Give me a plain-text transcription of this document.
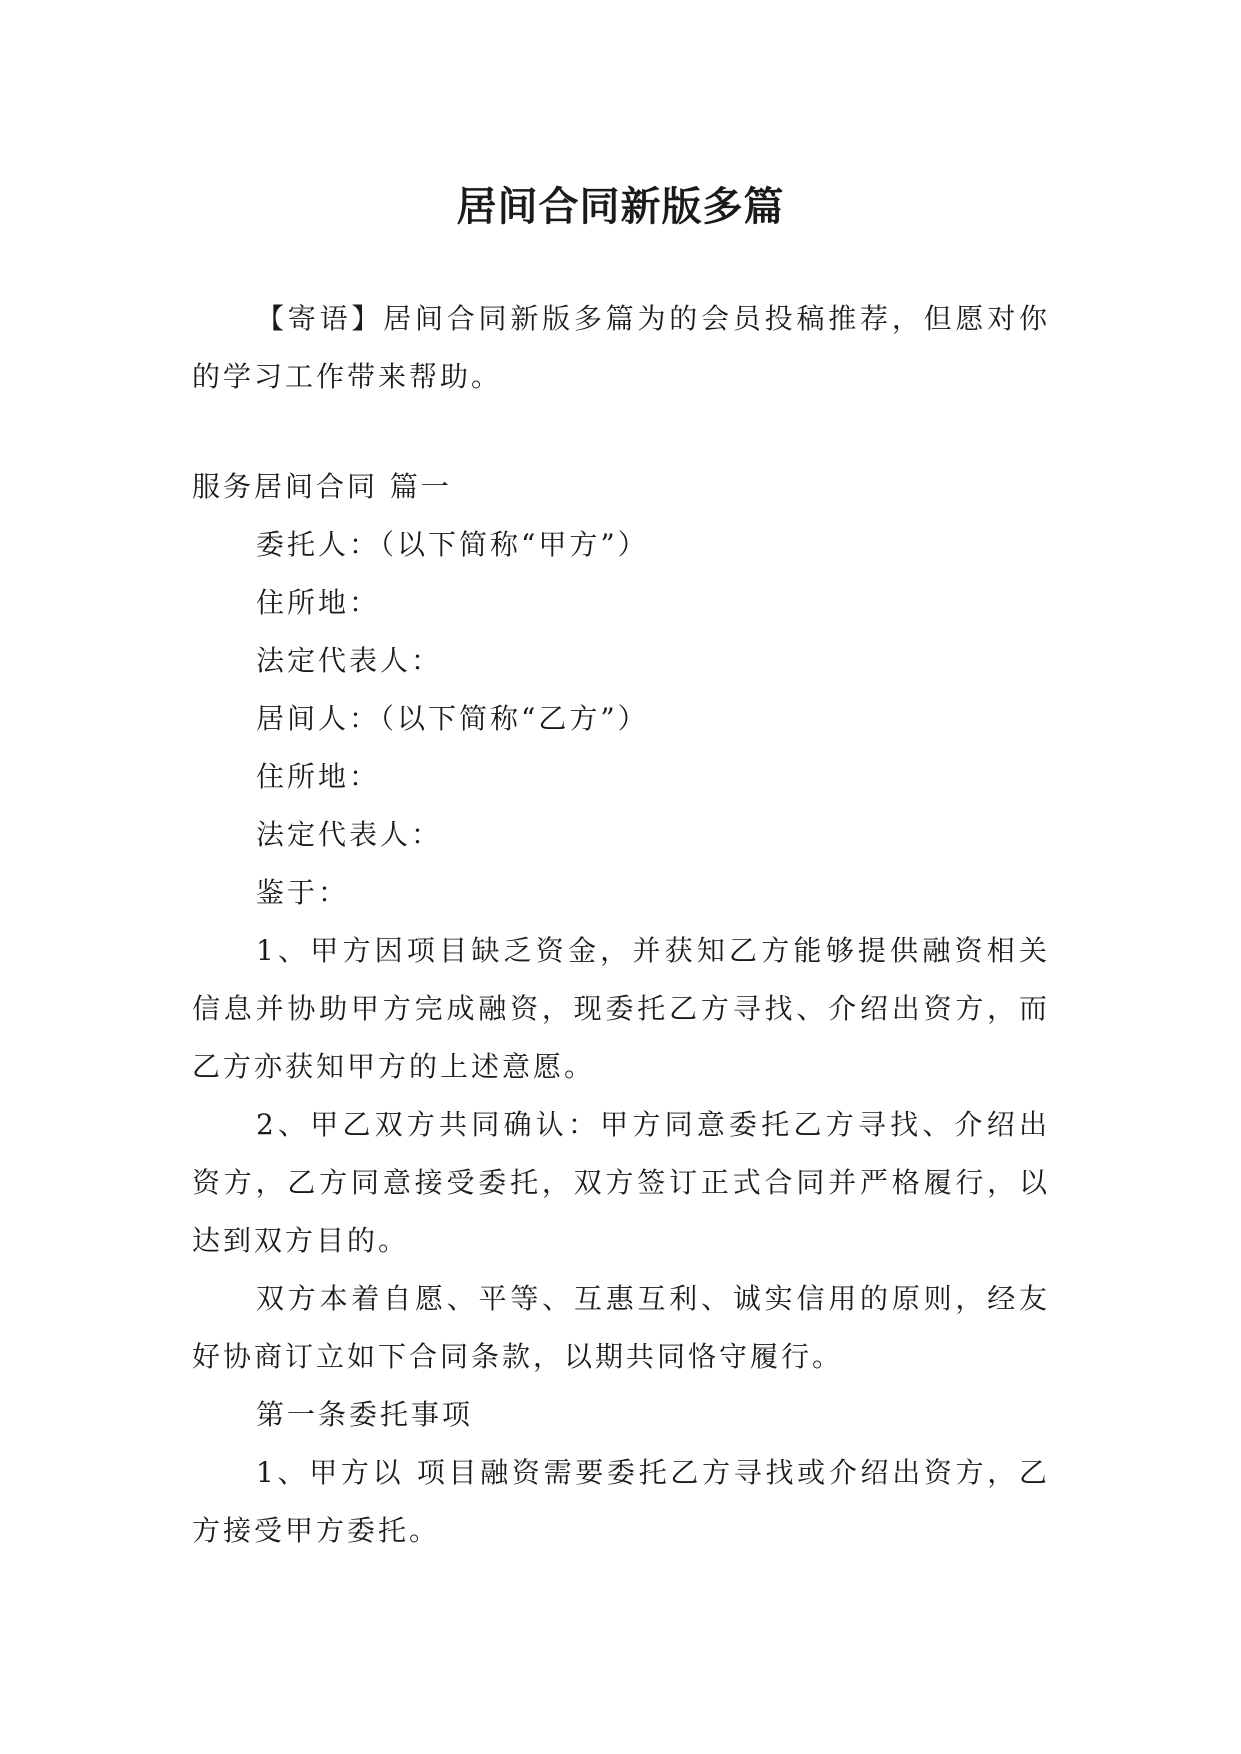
居间合同新版多篇

【寄语】居间合同新版多篇为的会员投稿推荐，但愿对你的学习工作带来帮助。

服务居间合同 篇一

委托人：（以下简称“甲方”）

住所地：

法定代表人：

居间人：（以下简称“乙方”）

住所地：

法定代表人：

鉴于：

1、甲方因项目缺乏资金，并获知乙方能够提供融资相关信息并协助甲方完成融资，现委托乙方寻找、介绍出资方，而乙方亦获知甲方的上述意愿。

2、甲乙双方共同确认：甲方同意委托乙方寻找、介绍出资方，乙方同意接受委托，双方签订正式合同并严格履行，以达到双方目的。

双方本着自愿、平等、互惠互利、诚实信用的原则，经友好协商订立如下合同条款，以期共同恪守履行。

第一条委托事项

1、甲方以 项目融资需要委托乙方寻找或介绍出资方，乙方接受甲方委托。
